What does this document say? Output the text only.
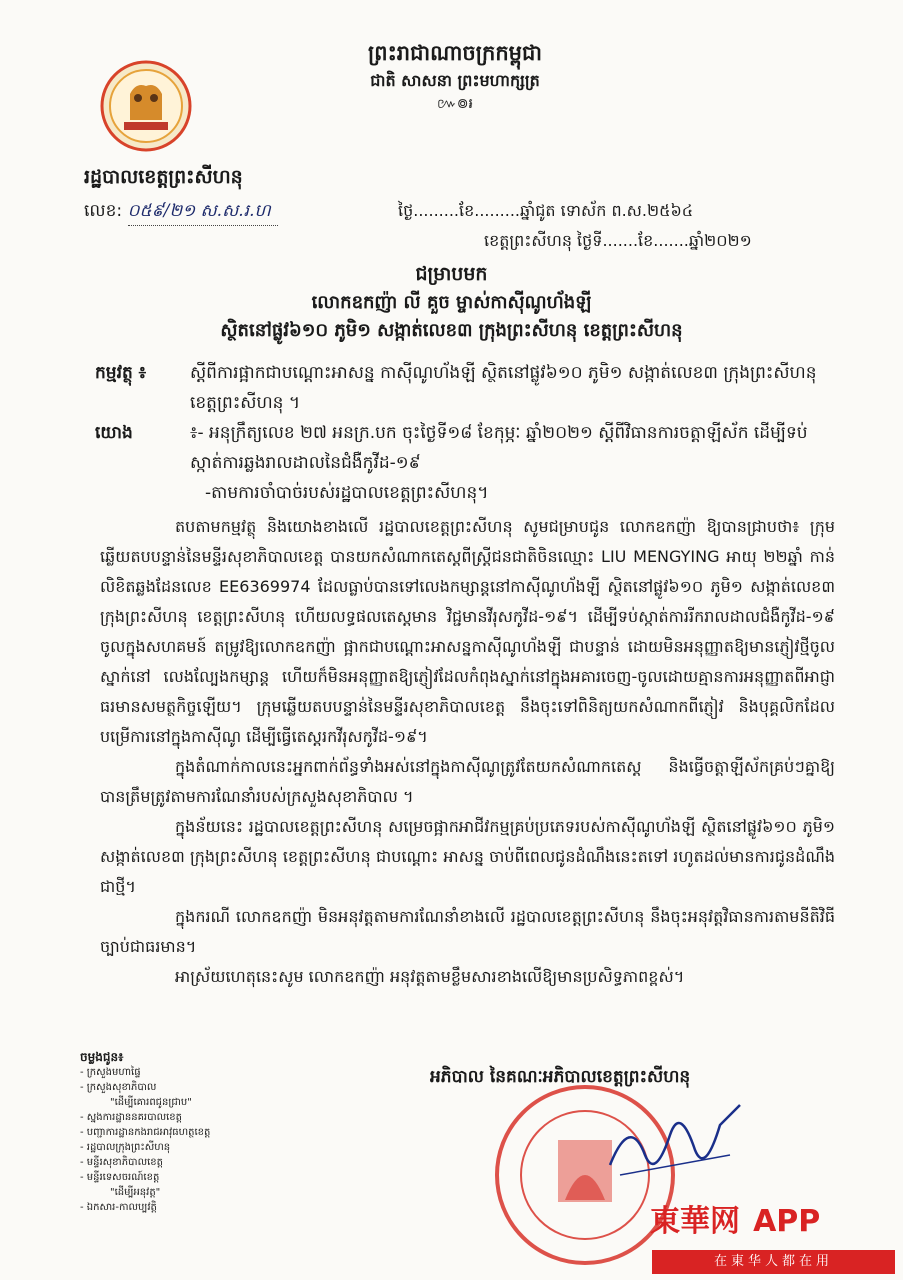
ព្រះរាជាណាចក្រកម្ពុជា
ជាតិ សាសនា ព្រះមហាក្សត្រ
៚៙៛
រដ្ឋបាលខេត្តព្រះសីហនុ
លេខ: ០៥៩/២១ ស.ស.រ.ហ	ថ្ងៃ.........ខែ.........ឆ្នាំជូត ទោស័ក ព.ស.២៥៦៤
ខេត្តព្រះសីហនុ ថ្ងៃទី.......ខែ.......ឆ្នាំ២០២១
ជម្រាបមក
លោកឧកញ៉ា លី គួច ម្ចាស់កាស៊ីណូហ័ងឡី
ស្ថិតនៅផ្លូវ៦១០ ភូមិ១ សង្កាត់លេខ៣ ក្រុងព្រះសីហនុ ខេត្តព្រះសីហនុ
កម្មវត្ថុ ៖	ស្តីពីការផ្អាកជាបណ្តោះអាសន្ន កាស៊ីណូហ័ងឡី ស្ថិតនៅផ្លូវ៦១០ ភូមិ១ សង្កាត់លេខ៣ ក្រុងព្រះសីហនុ ខេត្តព្រះសីហនុ ។
យោង	៖- អនុក្រឹត្យលេខ ២៧ អនក្រ.បក ចុះថ្ងៃទី១៨ ខែកុម្ភៈ ឆ្នាំ២០២១ ស្តីពីវិធានការចត្តាឡីស័ក ដើម្បីទប់ស្កាត់ការឆ្លងរាលដាលនៃជំងឺកូវីដ-១៩
-តាមការចាំបាច់របស់រដ្ឋបាលខេត្តព្រះសីហនុ។

តបតាមកម្មវត្ថុ និងយោងខាងលើ រដ្ឋបាលខេត្តព្រះសីហនុ សូមជម្រាបជូន លោកឧកញ៉ា ឱ្យបានជ្រាបថា៖ ក្រុមឆ្លើយតបបន្ទាន់នៃមន្ទីរសុខាភិបាលខេត្ត បានយកសំណាកតេស្តពីស្ត្រីជនជាតិចិនឈ្មោះ LIU MENGYING អាយុ ២២ឆ្នាំ កាន់លិខិតឆ្លងដែនលេខ EE6369974 ដែលធ្លាប់បានទៅលេងកម្សាន្តនៅកាស៊ីណូហ័ងឡី ស្ថិតនៅផ្លូវ៦១០ ភូមិ១ សង្កាត់លេខ៣ ក្រុងព្រះសីហនុ ខេត្តព្រះសីហនុ ហើយលទ្ធផលតេស្តមាន វិជ្ជមានវីរុសកូវីដ-១៩។ ដើម្បីទប់ស្កាត់ការរីករាលដាលជំងឺកូវីដ-១៩ ចូលក្នុងសហគមន៍ តម្រូវឱ្យលោកឧកញ៉ា ផ្អាកជាបណ្តោះអាសន្នកាស៊ីណូហ័ងឡី ជាបន្ទាន់ ដោយមិនអនុញ្ញាតឱ្យមានភ្ញៀវថ្មីចូលស្នាក់នៅ លេងល្បែងកម្សាន្ត ហើយក៏មិនអនុញ្ញាតឱ្យភ្ញៀវដែលកំពុងស្នាក់នៅក្នុងអគារចេញ-ចូលដោយគ្មានការអនុញ្ញាតពីអាជ្ញាធរមានសមត្ថកិច្ចឡើយ។ ក្រុមឆ្លើយតបបន្ទាន់នៃមន្ទីរសុខាភិបាលខេត្ត នឹងចុះទៅពិនិត្យយកសំណាកពីភ្ញៀវ និងបុគ្គលិកដែលបម្រើការនៅក្នុងកាស៊ីណូ ដើម្បីធ្វើតេស្តរកវីរុសកូវីដ-១៩។

ក្នុងតំណាក់កាលនេះអ្នកពាក់ព័ន្ធទាំងអស់នៅក្នុងកាស៊ីណូត្រូវតែយកសំណាកតេស្ត និងធ្វើចត្តាឡីស័កគ្រប់ៗគ្នាឱ្យបានត្រឹមត្រូវតាមការណែនាំរបស់ក្រសួងសុខាភិបាល ។

ក្នុងន័យនេះ រដ្ឋបាលខេត្តព្រះសីហនុ សម្រេចផ្អាកអាជីវកម្មគ្រប់ប្រភេទរបស់កាស៊ីណូហ័ងឡី ស្ថិតនៅផ្លូវ៦១០ ភូមិ១ សង្កាត់លេខ៣ ក្រុងព្រះសីហនុ ខេត្តព្រះសីហនុ ជាបណ្តោះ អាសន្ន ចាប់ពីពេលជូនដំណឹងនេះតទៅ រហូតដល់មានការជូនដំណឹងជាថ្មី។

ក្នុងករណី លោកឧកញ៉ា មិនអនុវត្តតាមការណែនាំខាងលើ រដ្ឋបាលខេត្តព្រះសីហនុ នឹងចុះអនុវត្តវិធានការតាមនីតិវិធីច្បាប់ជាធរមាន។

អាស្រ័យហេតុនេះសូម លោកឧកញ៉ា អនុវត្តតាមខ្លឹមសារខាងលើឱ្យមានប្រសិទ្ធភាពខ្ពស់។

ចម្លងជូន៖
- ក្រសួងមហាផ្ទៃ
- ក្រសួងសុខាភិបាល
"ដើម្បីគោរពជូនជ្រាប"
- ស្នងការដ្ឋាននគរបាលខេត្ត
- បញ្ជាការដ្ឋានកងរាជអាវុធហត្ថខេត្ត
- រដ្ឋបាលក្រុងព្រះសីហនុ
- មន្ទីរសុខាភិបាលខេត្ត
- មន្ទីរទេសចរណ៍ខេត្ត
"ដើម្បីអនុវត្ត"
- ឯកសារ-កាលប្បវត្តិ
អភិបាល នៃគណៈអភិបាលខេត្តព្រះសីហនុ
東華网 APP
在東华人都在用
